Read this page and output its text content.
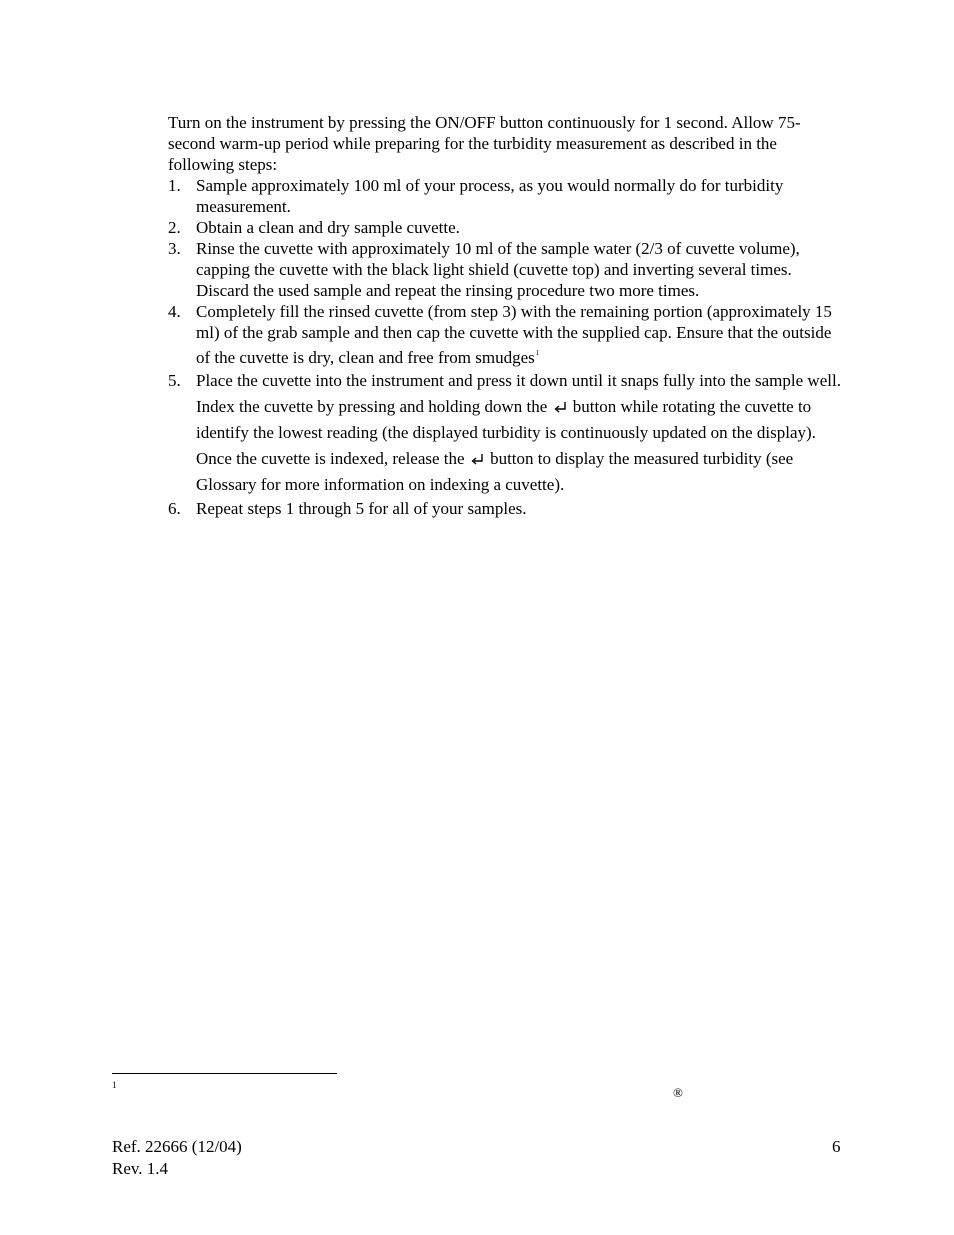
Turn on the instrument by pressing the ON/OFF button continuously for 1 second. Allow 75-second warm-up period while preparing for the turbidity measurement as described in the following steps:

1. Sample approximately 100 ml of your process, as you would normally do for turbidity measurement.
2. Obtain a clean and dry sample cuvette.
3. Rinse the cuvette with approximately 10 ml of the sample water (2/3 of cuvette volume), capping the cuvette with the black light shield (cuvette top) and inverting several times. Discard the used sample and repeat the rinsing procedure two more times.
4. Completely fill the rinsed cuvette (from step 3) with the remaining portion (approximately 15 ml) of the grab sample and then cap the cuvette with the supplied cap. Ensure that the outside of the cuvette is dry, clean and free from smudges$^1$
5. Place the cuvette into the instrument and press it down until it snaps fully into the sample well. Index the cuvette by pressing and holding down the button while rotating the cuvette to identify the lowest reading (the displayed turbidity is continuously updated on the display). Once the cuvette is indexed, release the button to display the measured turbidity (see Glossary for more information on indexing a cuvette).
6. Repeat steps 1 through 5 for all of your samples.
1	®
Ref. 22666 (12/04)
Rev. 1.4
6
